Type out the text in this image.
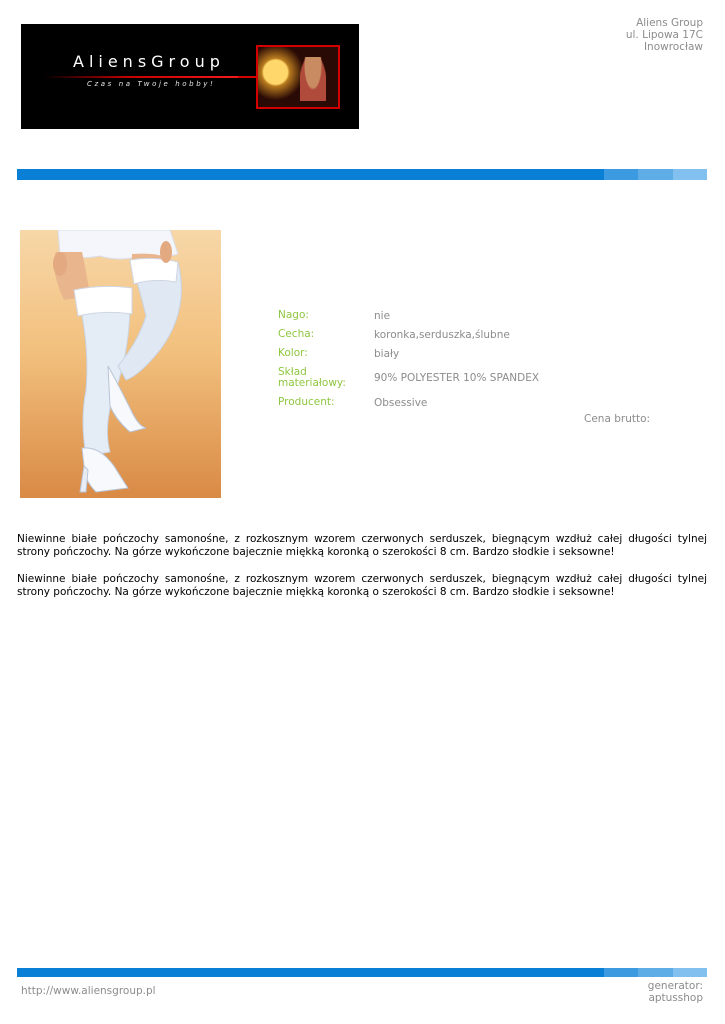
AliensGroup
Czas na Twoje hobby!
Aliens Group
ul. Lipowa 17C
Inowrocław
Nago:	nie
Cecha:	koronka,serduszka,ślubne
Kolor:	biały
Skład materiałowy:	90% POLYESTER 10% SPANDEX
Producent:	Obsessive
Cena brutto:

Niewinne białe pończochy samonośne, z rozkosznym wzorem czerwonych serduszek, biegnącym wzdłuż całej długości tylnej strony pończochy. Na górze wykończone bajecznie miękką koronką o szerokości 8 cm. Bardzo słodkie i seksowne!

Niewinne białe pończochy samonośne, z rozkosznym wzorem czerwonych serduszek, biegnącym wzdłuż całej długości tylnej strony pończochy. Na górze wykończone bajecznie miękką koronką o szerokości 8 cm. Bardzo słodkie i seksowne!

http://www.aliensgroup.pl	generator:
aptusshop
